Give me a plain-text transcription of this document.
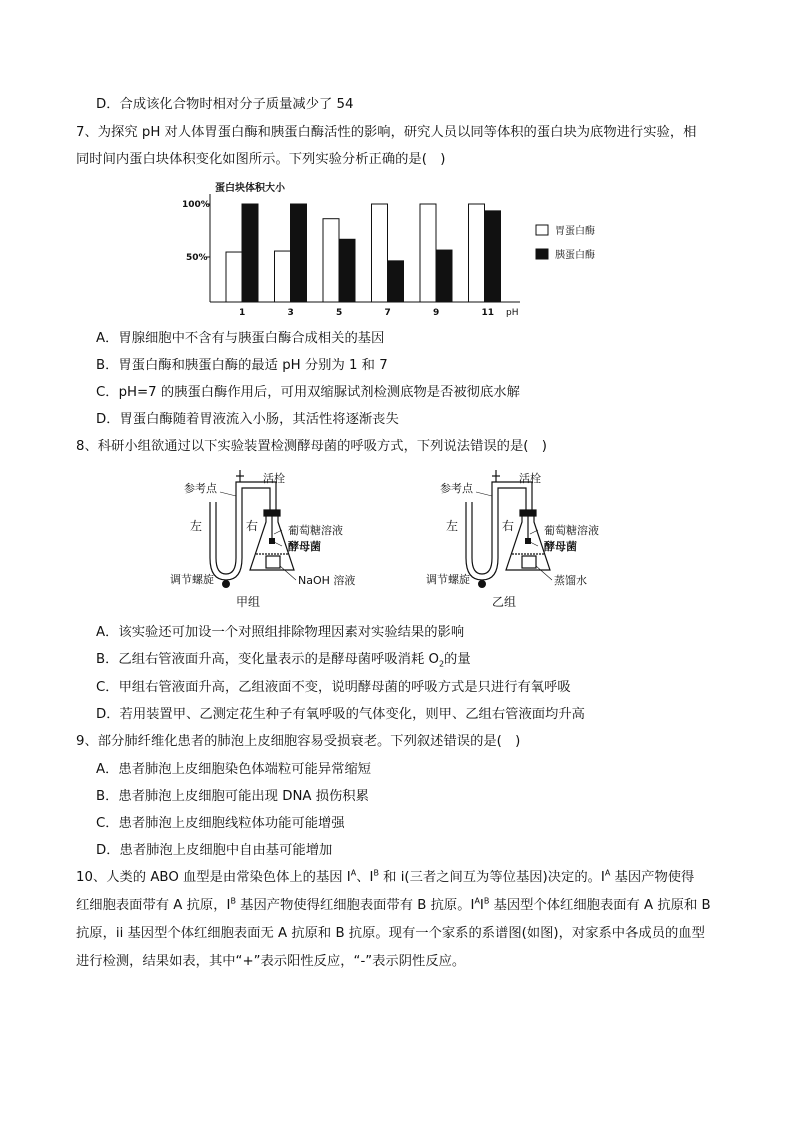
D．合成该化合物时相对分子质量减少了 54
7、为探究 pH 对人体胃蛋白酶和胰蛋白酶活性的影响，研究人员以同等体积的蛋白块为底物进行实验，相
同时间内蛋白块体积变化如图所示。下列实验分析正确的是(　)
蛋白块体积大小
100%
50%
1	3	5	7	9	11 pH
胃蛋白酶
胰蛋白酶
A．胃腺细胞中不含有与胰蛋白酶合成相关的基因
B．胃蛋白酶和胰蛋白酶的最适 pH 分别为 1 和 7
C．pH=7 的胰蛋白酶作用后，可用双缩脲试剂检测底物是否被彻底水解
D．胃蛋白酶随着胃液流入小肠，其活性将逐渐丧失
8、科研小组欲通过以下实验装置检测酵母菌的呼吸方式，下列说法错误的是(　)
参考点
活栓
左	右	葡萄糖溶液
酵母菌
调节螺旋	NaOH 溶液
甲组
参考点
活栓
左	右	葡萄糖溶液
酵母菌
调节螺旋	蒸馏水
乙组
A．该实验还可加设一个对照组排除物理因素对实验结果的影响
B．乙组右管液面升高，变化量表示的是酵母菌呼吸消耗 $O_2$的量
C．甲组右管液面升高，乙组液面不变，说明酵母菌的呼吸方式是只进行有氧呼吸
D．若用装置甲、乙测定花生种子有氧呼吸的气体变化，则甲、乙组右管液面均升高
9、部分肺纤维化患者的肺泡上皮细胞容易受损衰老。下列叙述错误的是(　)
A．患者肺泡上皮细胞染色体端粒可能异常缩短
B．患者肺泡上皮细胞可能出现 DNA 损伤积累
C．患者肺泡上皮细胞线粒体功能可能增强
D．患者肺泡上皮细胞中自由基可能增加
10、人类的 ABO 血型是由常染色体上的基因 $I^A$、$I^B$ 和 i(三者之间互为等位基因)决定的。$I^A$ 基因产物使得
红细胞表面带有 A 抗原，$I^B$ 基因产物使得红细胞表面带有 B 抗原。$I^AI^B$ 基因型个体红细胞表面有 A 抗原和 B
抗原，ii 基因型个体红细胞表面无 A 抗原和 B 抗原。现有一个家系的系谱图(如图)，对家系中各成员的血型
进行检测，结果如表，其中“+”表示阳性反应，“-”表示阴性反应。
